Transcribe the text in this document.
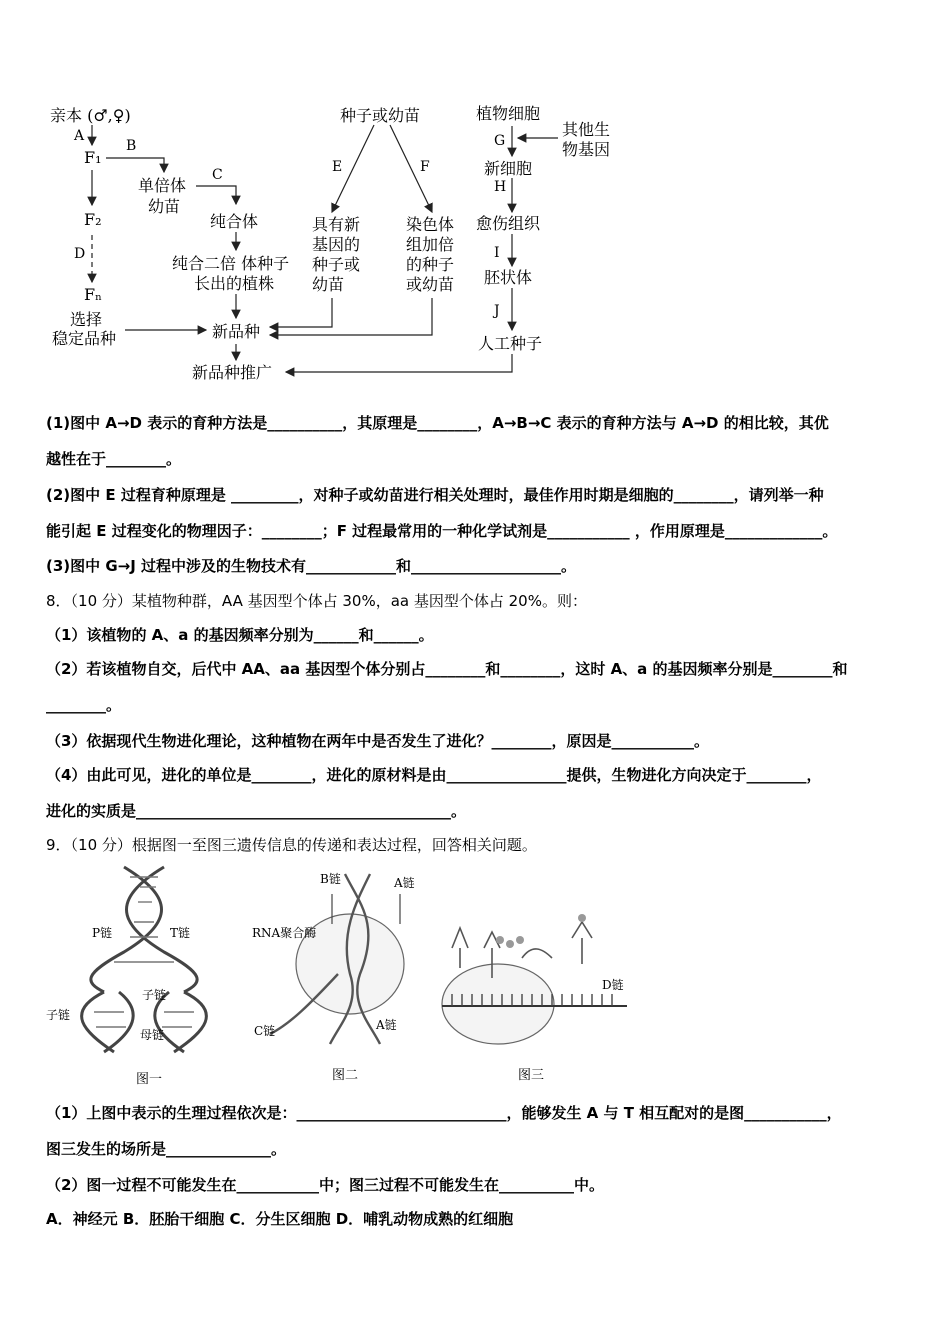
亲本 (♂,♀)
A
F₁
B
F₂
D
Fₙ
选择
稳定品种
单倍体
幼苗
C
纯合体
纯合二倍 体种子
长出的植株
新品种
新品种推广
种子或幼苗
E	F
具有新
基因的
种子或
幼苗
染色体
组加倍
的种子
或幼苗
植物细胞
G
其他生
物基因
新细胞
H
愈伤组织
I
胚状体
J
人工种子
(1)图中 A→D 表示的育种方法是__________，其原理是________，A→B→C 表示的育种方法与 A→D 的相比较，其优
越性在于________。
(2)图中 E 过程育种原理是 _________，对种子或幼苗进行相关处理时，最佳作用时期是细胞的________，请列举一种
能引起 E 过程变化的物理因子：________；F 过程最常用的一种化学试剂是___________ ，作用原理是_____________。
(3)图中 G→J 过程中涉及的生物技术有____________和____________________。
8．（10 分）某植物种群，AA 基因型个体占 30%，aa 基因型个体占 20%。则：
（1）该植物的 A、a 的基因频率分别为______和______。
（2）若该植物自交，后代中 AA、aa 基因型个体分别占________和________，这时 A、a 的基因频率分别是________和
________。
（3）依据现代生物进化理论，这种植物在两年中是否发生了进化？________，原因是___________。
（4）由此可见，进化的单位是________，进化的原材料是由________________提供，生物进化方向决定于________，
进化的实质是__________________________________________。
9．（10 分）根据图一至图三遗传信息的传递和表达过程，回答相关问题。
P链	T链
子链
子链
母链
图一
B链	A链
RNA聚合酶
C链	A链
图二
D链
图三
（1）上图中表示的生理过程依次是：____________________________，能够发生 A 与 T 相互配对的是图___________，
图三发生的场所是______________。
（2）图一过程不可能发生在___________中；图三过程不可能发生在__________中。
A．神经元 B．胚胎干细胞 C．分生区细胞 D．哺乳动物成熟的红细胞
